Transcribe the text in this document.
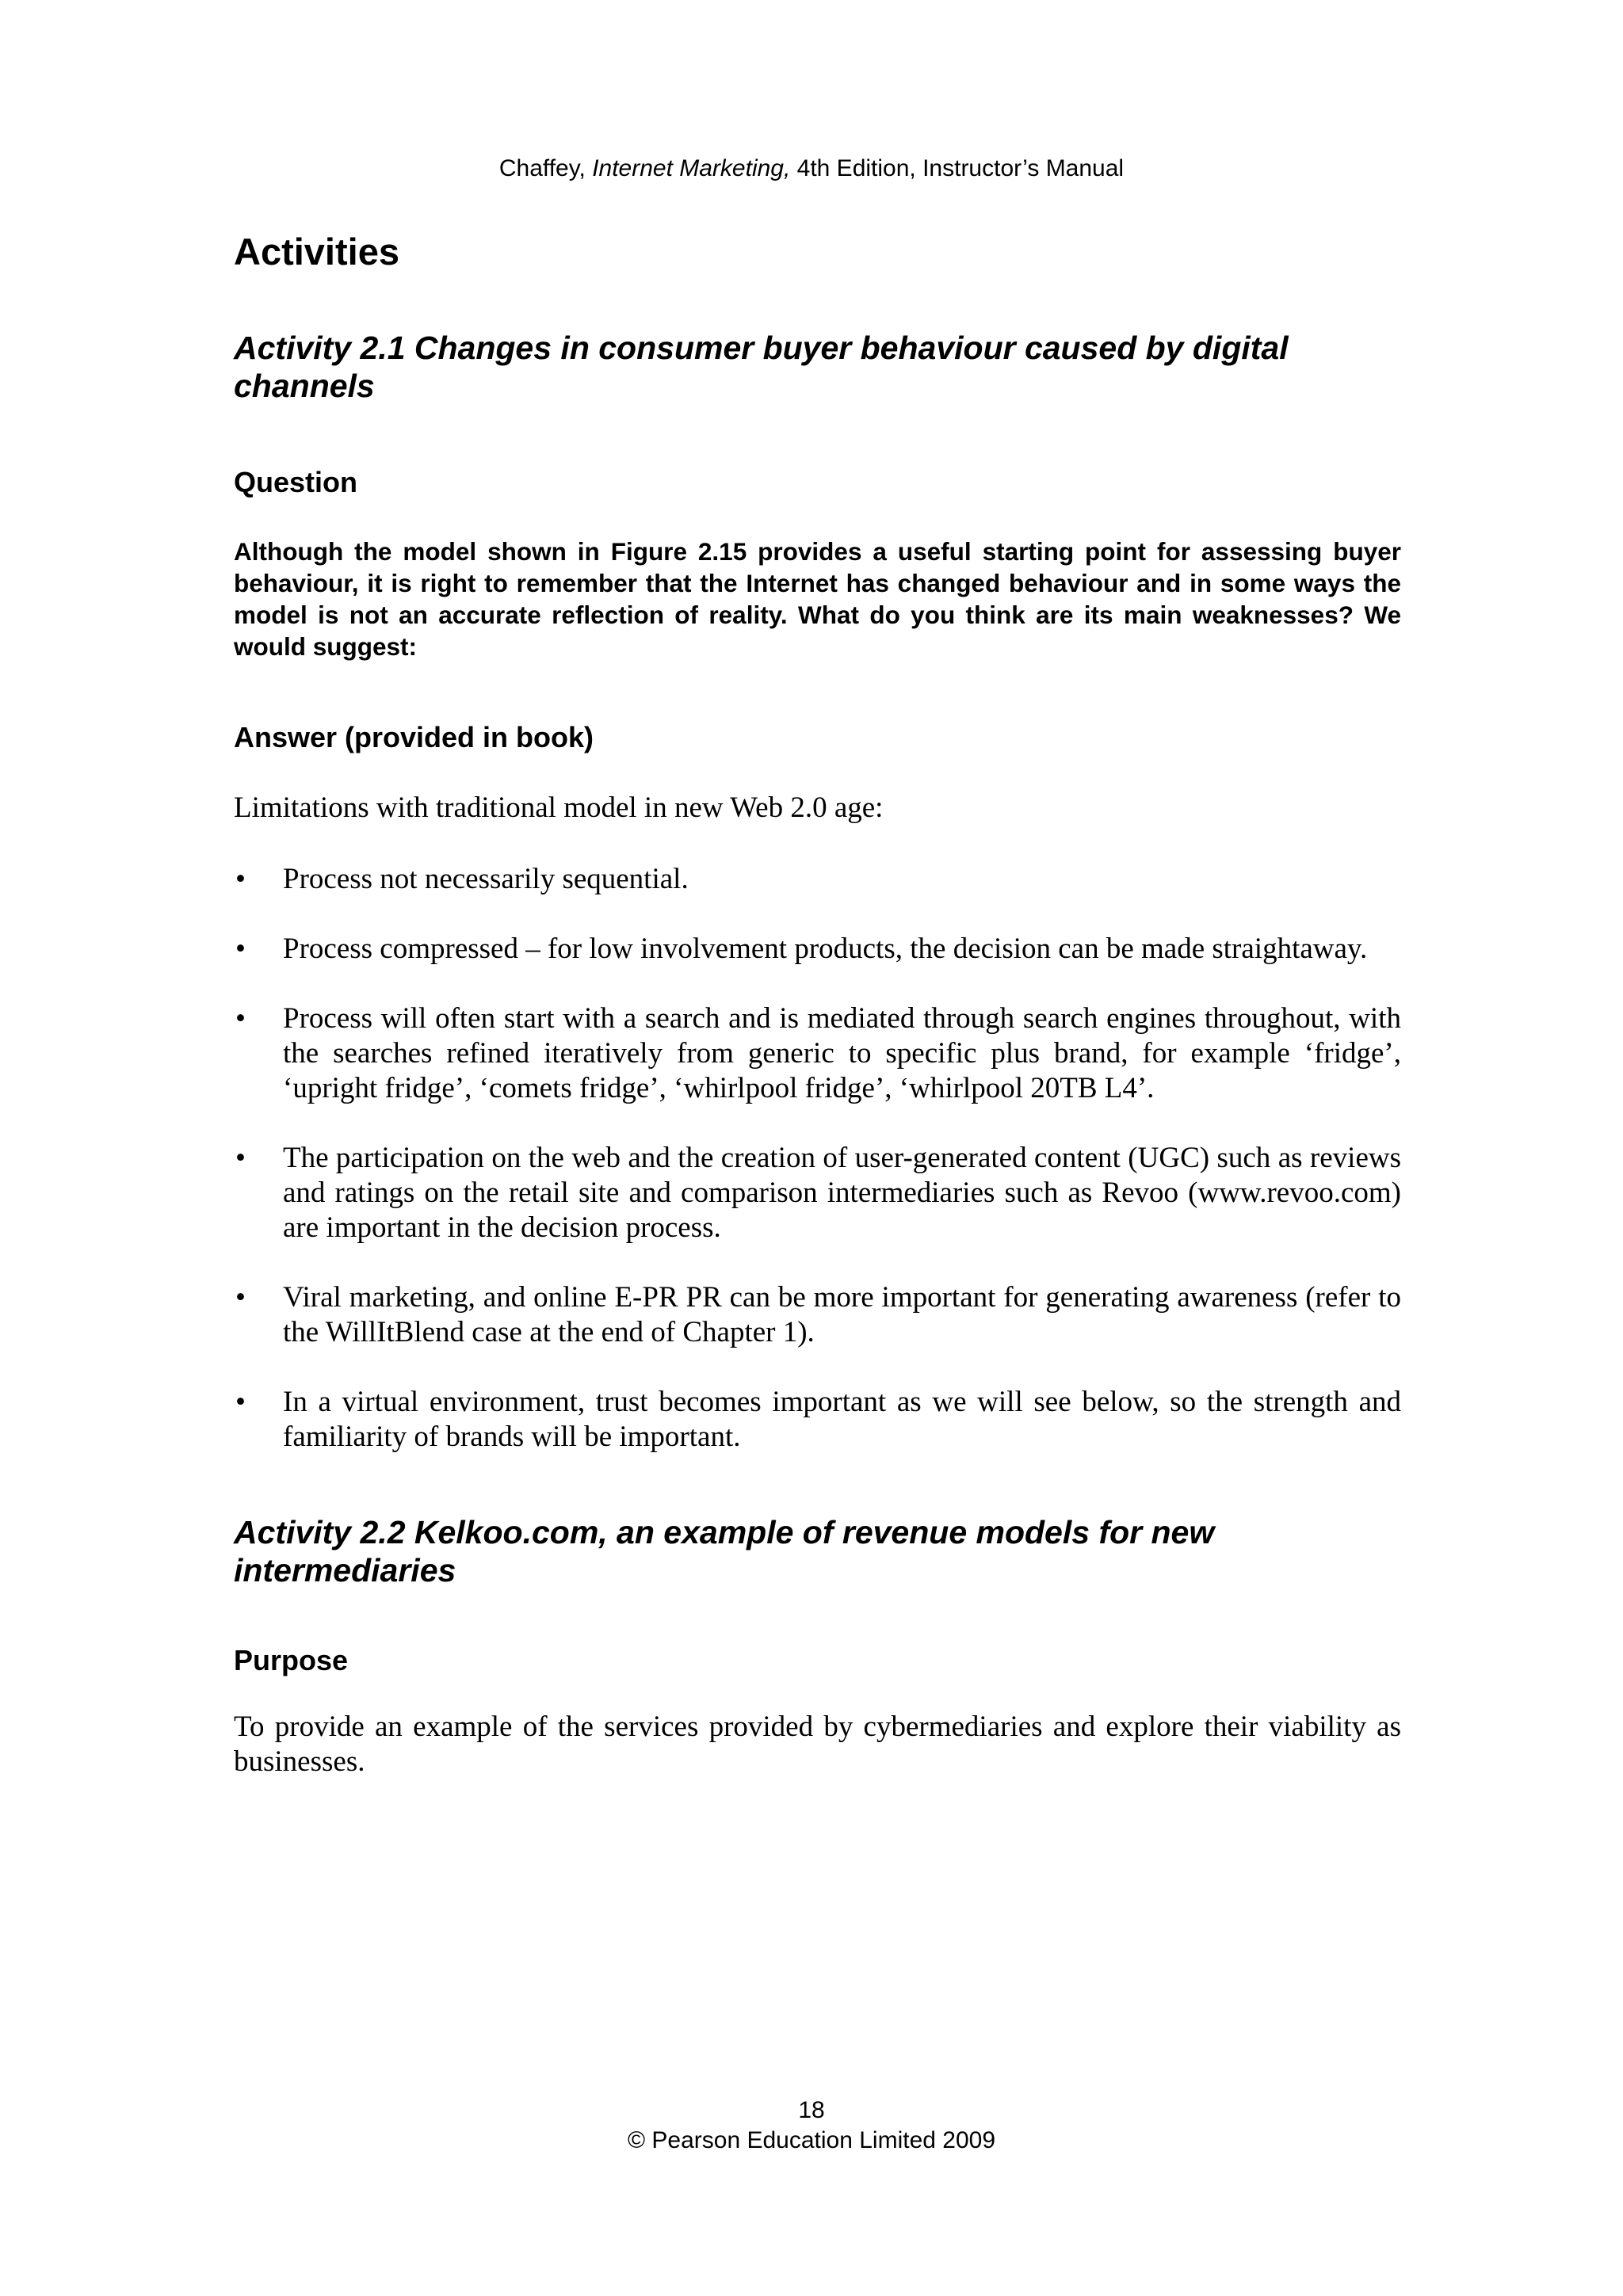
Chaffey, Internet Marketing, 4th Edition, Instructor’s Manual
Activities
Activity 2.1 Changes in consumer buyer behaviour caused by digital channels
Question

Although the model shown in Figure 2.15 provides a useful starting point for assessing buyer behaviour, it is right to remember that the Internet has changed behaviour and in some ways the model is not an accurate reflection of reality. What do you think are its main weaknesses? We would suggest:

Answer (provided in book)

Limitations with traditional model in new Web 2.0 age:

• Process not necessarily sequential.
• Process compressed – for low involvement products, the decision can be made straightaway.
• Process will often start with a search and is mediated through search engines throughout, with the searches refined iteratively from generic to specific plus brand, for example ‘fridge’, ‘upright fridge’, ‘comets fridge’, ‘whirlpool fridge’, ‘whirlpool 20TB L4’.
• The participation on the web and the creation of user-generated content (UGC) such as reviews and ratings on the retail site and comparison intermediaries such as Revoo (www.revoo.com) are important in the decision process.
• Viral marketing, and online E-PR PR can be more important for generating awareness (refer to the WillItBlend case at the end of Chapter 1).
• In a virtual environment, trust becomes important as we will see below, so the strength and familiarity of brands will be important.
Activity 2.2 Kelkoo.com, an example of revenue models for new intermediaries
Purpose

To provide an example of the services provided by cybermediaries and explore their viability as businesses.

18
© Pearson Education Limited 2009
